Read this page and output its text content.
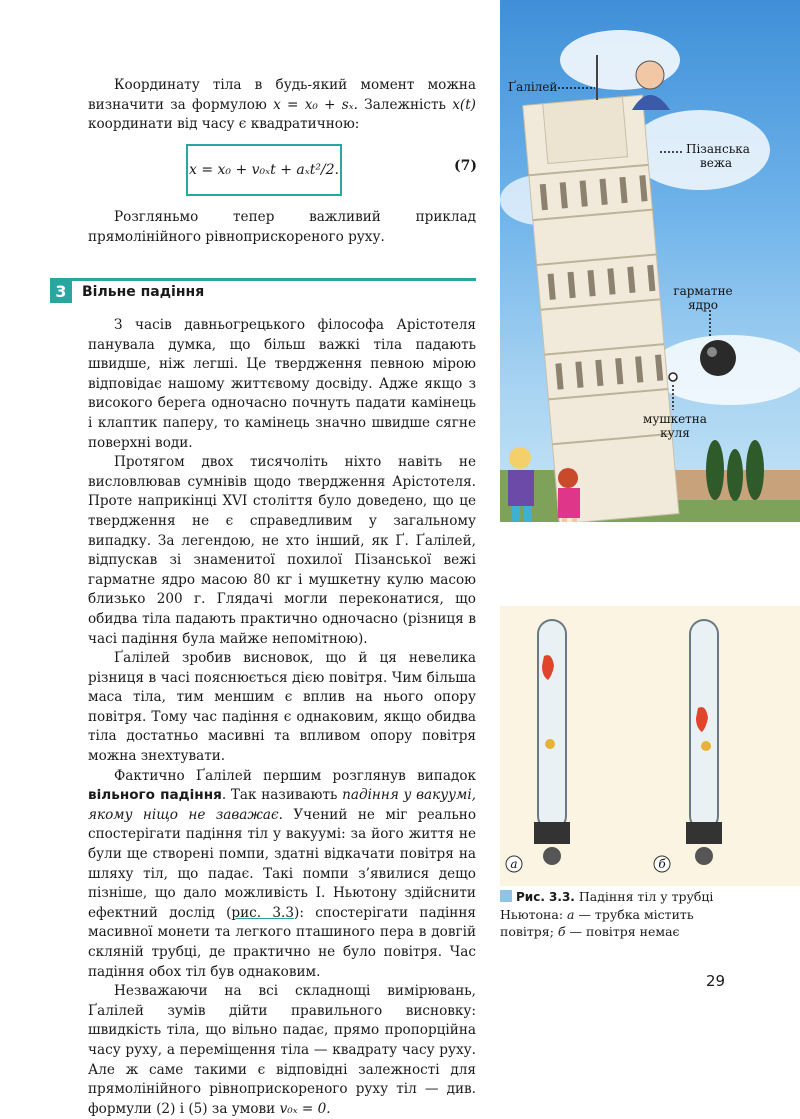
Координату тіла в будь-який момент можна визначити за формулою x = x₀ + sₓ. Залежність x(t) координати від часу є квадратичною:

x = x₀ + v₀ₓt + aₓt²/2.	(7)

Розгляньмо тепер важливий приклад прямолінійного рівноприскореного руху.

3	Вільне падіння

З часів давньогрецького філософа Арістотеля панувала думка, що більш важкі тіла падають швидше, ніж легші. Це твердження певною мірою відповідає нашому життєвому досвіду. Адже якщо з високого берега одночасно почнуть падати камінець і клаптик паперу, то камінець значно швидше сягне поверхні води.

Протягом двох тисячоліть ніхто навіть не висловлював сумнівів щодо твердження Арістотеля. Проте наприкінці XVI століття було доведено, що це твердження не є справедливим у загальному випадку. За легендою, не хто інший, як Ґ. Ґалілей, відпускав зі знаменитої похилої Пізанської вежі гарматне ядро масою 80 кг і мушкетну кулю масою близько 200 г. Глядачі могли переконатися, що обидва тіла падають практично одночасно (різниця в часі падіння була майже непомітною).

Ґалілей зробив висновок, що й ця невелика різниця в часі пояснюється дією повітря. Чим більша маса тіла, тим меншим є вплив на нього опору повітря. Тому час падіння є однаковим, якщо обидва тіла достатньо масивні та впливом опору повітря можна знехтувати.

Фактично Ґалілей першим розглянув випадок вільного падіння. Так називають падіння у вакуумі, якому ніщо не заважає. Учений не міг реально спостерігати падіння тіл у вакуумі: за його життя не були ще створені помпи, здатні відкачати повітря на шляху тіл, що падає. Такі помпи з’явилися дещо пізніше, що дало можливість І. Ньютону здійснити ефектний дослід (рис. 3.3): спостерігати падіння масивної монети та легкого пташиного пера в довгій скляній трубці, де практично не було повітря. Час падіння обох тіл був однаковим.

Незважаючи на всі складнощі вимірювань, Ґалілей зумів дійти правильного висновку: швидкість тіла, що вільно падає, прямо пропорційна часу руху, а переміщення тіла — квадрату часу руху. Але ж саме такими є відповідні залежності для прямолінійного рівноприскореного руху тіл — див. формули (2) і (5) за умови v₀ₓ = 0.

Ґалілей
Пізанська вежа
гарматне ядро
мушкетна куля
а	б
Рис. 3.3. Падіння тіл у трубці Ньютона: а — трубка містить повітря; б — повітря немає
29
